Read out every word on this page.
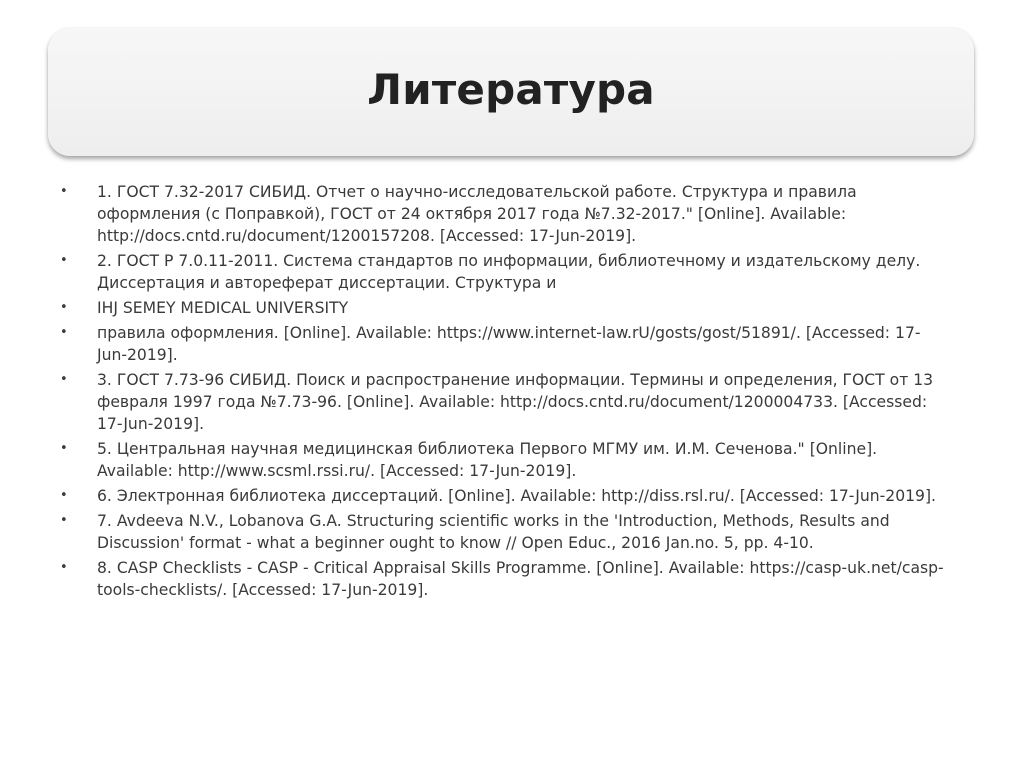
Литература
•	1. ГОСТ 7.32-2017 СИБИД. Отчет о научно-исследовательской работе. Структура и правила оформления (с Поправкой), ГОСТ от 24 октября 2017 года №7.32-2017." [Online]. Available: http://docs.cntd.ru/document/1200157208. [Accessed: 17-Jun-2019].
•	2. ГОСТ Р 7.0.11-2011. Система стандартов по информации, библиотечному и издательскому делу. Диссертация и автореферат диссертации. Структура и
•	IHJ SEMEY MEDICAL UNIVERSITY
•	правила оформления. [Online]. Available: https://www.internet-law.rU/gosts/gost/51891/. [Accessed: 17-Jun-2019].
•	3. ГОСТ 7.73-96 СИБИД. Поиск и распространение информации. Термины и определения, ГОСТ от 13 февраля 1997 года №7.73-96. [Online]. Available: http://docs.cntd.ru/document/1200004733. [Accessed: 17-Jun-2019].
•	5. Центральная научная медицинская библиотека Первого МГМУ им. И.М. Сеченова." [Online]. Available: http://www.scsml.rssi.ru/. [Accessed: 17-Jun-2019].
•	6. Электронная библиотека диссертаций. [Online]. Available: http://diss.rsl.ru/. [Accessed: 17-Jun-2019].
•	7. Avdeeva N.V., Lobanova G.A. Structuring scientific works in the 'Introduction, Methods, Results and Discussion' format - what a beginner ought to know // Open Educ., 2016 Jan.no. 5, pp. 4-10.
•	8. CASP Checklists - CASP - Critical Appraisal Skills Programme. [Online]. Available: https://casp-uk.net/casp-tools-checklists/. [Accessed: 17-Jun-2019].
